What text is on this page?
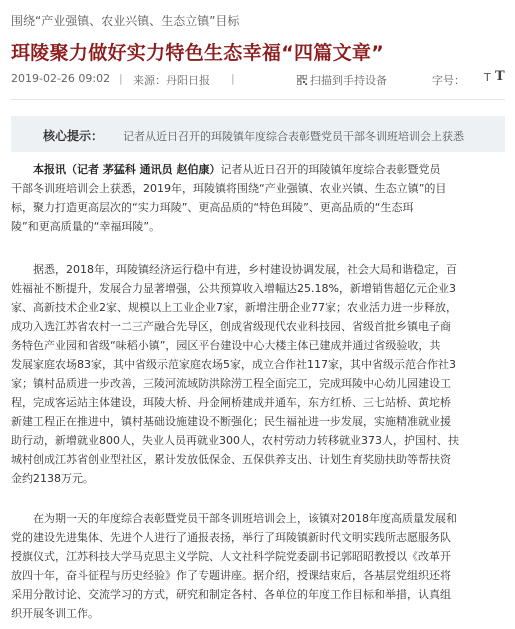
围绕“产业强镇、农业兴镇、生态立镇”目标
珥陵聚力做好实力特色生态幸福“四篇文章”
2019-02-26 09:02 | 来源：丹阳日报 |	扫描到手持设备	字号： T T
核心提示： 记者从近日召开的珥陵镇年度综合表彰暨党员干部冬训班培训会上获悉
本报讯（记者 茅猛科 通讯员 赵伯康）记者从近日召开的珥陵镇年度综合表彰暨党员
干部冬训班培训会上获悉，2019年，珥陵镇将围绕“产业强镇、农业兴镇、生态立镇”的目
标，聚力打造更高层次的“实力珥陵”、更高品质的“特色珥陵”、更高品质的“生态珥
陵”和更高质量的“幸福珥陵”。
据悉，2018年，珥陵镇经济运行稳中有进，乡村建设协调发展，社会大局和谐稳定，百
姓福祉不断提升，发展合力显著增强，公共预算收入增幅达25.18%，新增销售超亿元企业3
家、高新技术企业2家、规模以上工业企业7家，新增注册企业77家；农业活力进一步释放，
成功入选江苏省农村一二三产融合先导区，创成省级现代农业科技园、省级首批乡镇电子商
务特色产业园和省级“味稻小镇”，园区平台建设中心大楼主体已建成并通过省级验收，共
发展家庭农场83家，其中省级示范家庭农场5家，成立合作社117家，其中省级示范合作社3
家；镇村品质进一步改善，三陵河流域防洪除涝工程全面完工，完成珥陵中心幼儿园建设工
程，完成客运站主体建设，珥陵大桥、丹金闸桥建成并通车，东方红桥、三七站桥、黄坨桥
新建工程正在推进中，镇村基础设施建设不断强化；民生福祉进一步发展，实施精准就业援
助行动，新增就业800人，失业人员再就业300人，农村劳动力转移就业373人，护国村、扶
城村创成江苏省创业型社区，累计发放低保金、五保供养支出、计划生育奖励扶助等帮扶资
金约2138万元。
在为期一天的年度综合表彰暨党员干部冬训班培训会上，该镇对2018年度高质量发展和
党的建设先进集体、先进个人进行了通报表扬，举行了珥陵镇新时代文明实践所志愿服务队
授旗仪式，江苏科技大学马克思主义学院、人文社科学院党委副书记郭昭昭教授以《改革开
放四十年，奋斗征程与历史经验》作了专题讲座。据介绍，授课结束后，各基层党组织还将
采用分散讨论、交流学习的方式，研究和制定各村、各单位的年度工作目标和举措，认真组
织开展冬训工作。
